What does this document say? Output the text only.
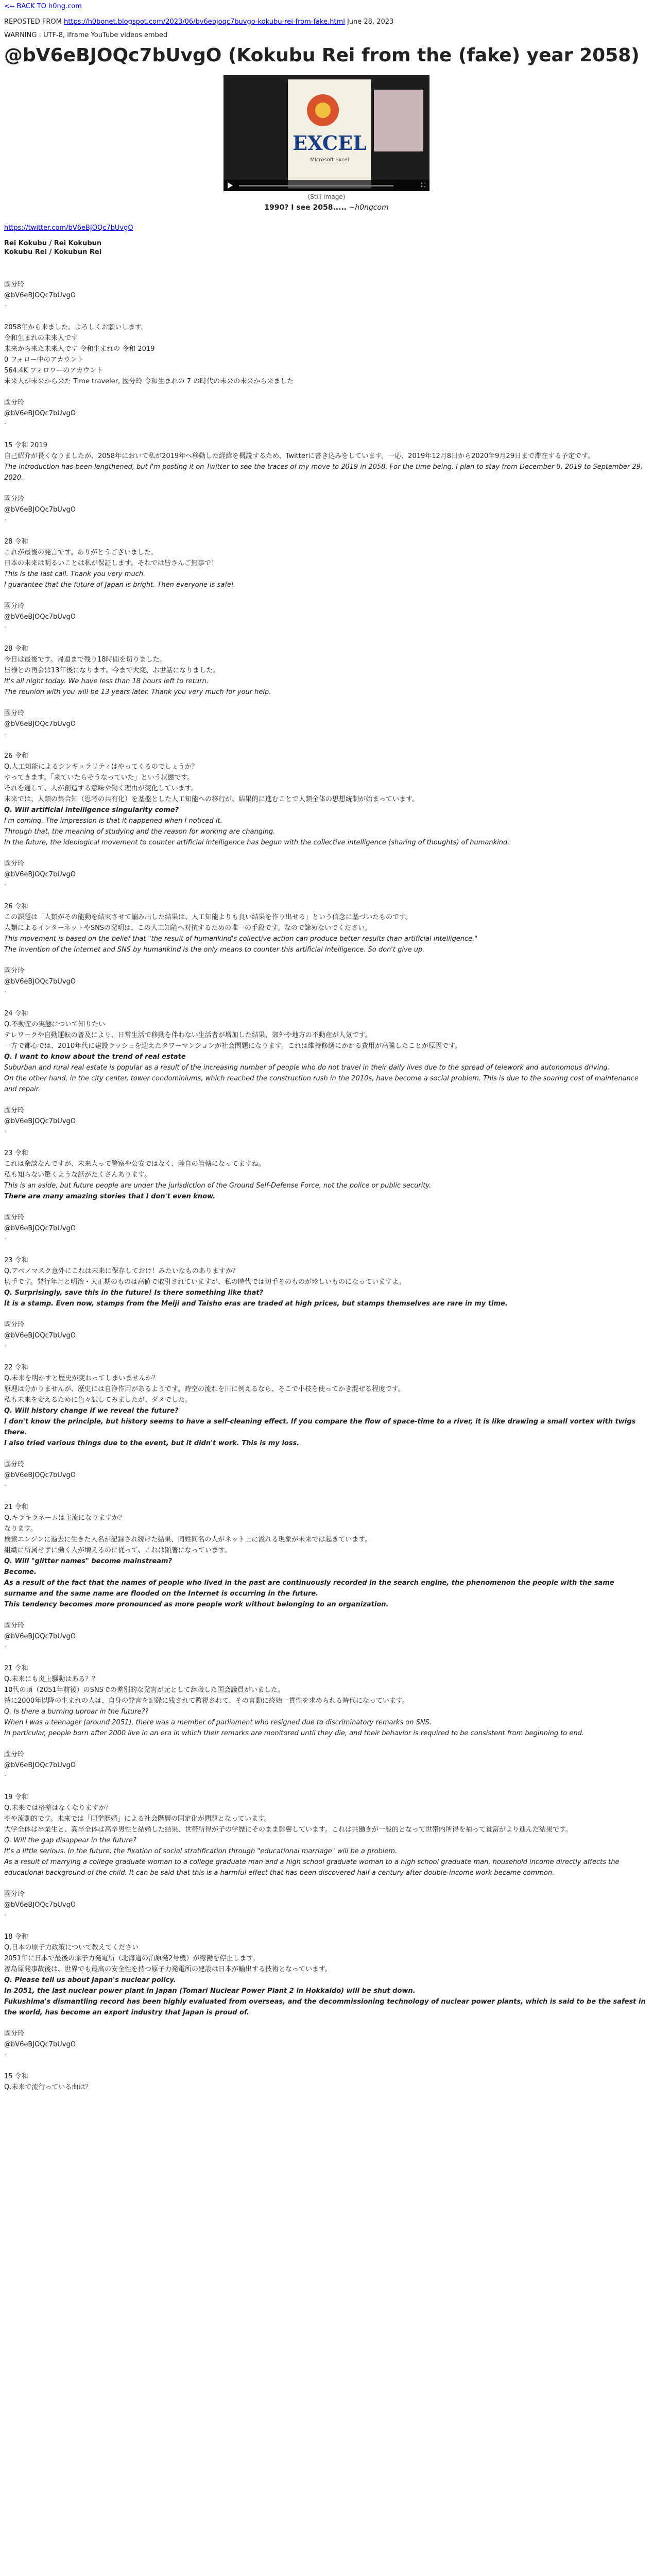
<-- BACK TO h0ng.com

REPOSTED FROM https://h0bonet.blogspot.com/2023/06/bv6ebjoqc7buvgo-kokubu-rei-from-fake.html June 28, 2023

WARNING : UTF-8, iframe YouTube videos embed

@bV6eBJOQc7bUvgO (Kokubu Rei from the (fake) year 2058)
EXCEL
Microsoft Excel
⛶
(Still image)
1990? I see 2058..... ~h0ngcom
https://twitter.com/bV6eBJOQc7bUvgO

Rei Kokubu / Rei Kokubun

Kokubu Rei / Kokubun Rei

國分玲

@bV6eBJOQc7bUvgO

·

2058年から来ました。よろしくお願いします。

令和生まれの未来人です

未来から来た未来人です 令和生まれの 令和 2019

0 フォロー中のアカウント

564.4K フォロワーのアカウント

未来人が未来から来た Time traveler, 國分玲 令和生まれの 7 の時代の未来の未来から来ました

國分玲

@bV6eBJOQc7bUvgO

·

15 令和 2019

自己紹介が長くなりましたが、2058年において私が2019年へ移動した経緯を概説するため、Twitterに書き込みをしています。一応、2019年12月8日から2020年9月29日まで滞在する予定です。

The introduction has been lengthened, but I'm posting it on Twitter to see the traces of my move to 2019 in 2058. For the time being, I plan to stay from December 8, 2019 to September 29, 2020.

國分玲

@bV6eBJOQc7bUvgO

·

28 令和

これが最後の発言です。ありがとうございました。

日本の未来は明るいことは私が保証します。それでは皆さんご無事で！

This is the last call. Thank you very much.

I guarantee that the future of Japan is bright. Then everyone is safe!

國分玲

@bV6eBJOQc7bUvgO

·

28 令和

今日は最後です。帰還まで残り18時間を切りました。

皆様との再会は13年後になります。今まで大変、お世話になりました。

It's all night today. We have less than 18 hours left to return.

The reunion with you will be 13 years later. Thank you very much for your help.

國分玲

@bV6eBJOQc7bUvgO

·

26 令和

Q.人工知能によるシンギュラリティはやってくるのでしょうか？

やってきます。「来ていたらそうなっていた」という状態です。

それを通して、人が創造する意味や働く理由が変化しています。

未来では、人類の集合知（思考の共有化）を基盤とした人工知能への移行が、結果的に進むことで人類全体の思想統制が始まっています。

Q. Will artificial intelligence singularity come?

I'm coming. The impression is that it happened when I noticed it.

Through that, the meaning of studying and the reason for working are changing.

In the future, the ideological movement to counter artificial intelligence has begun with the collective intelligence (sharing of thoughts) of humankind.

國分玲

@bV6eBJOQc7bUvgO

·

26 令和

この課題は「人類がその能動を結束させて編み出した結果は、人工知能よりも良い結果を作り出せる」という信念に基づいたものです。

人類によるインターネットやSNSの発明は、この人工知能へ対抗するための唯一の手段です。なので諦めないでください。

This movement is based on the belief that "the result of humankind's collective action can produce better results than artificial intelligence."

The invention of the Internet and SNS by humankind is the only means to counter this artificial intelligence. So don't give up.

國分玲

@bV6eBJOQc7bUvgO

·

24 令和

Q.不動産の実態について知りたい

テレワークや自動運転の普及により、日常生活で移動を伴わない生活者が増加した結果、郊外や地方の不動産が人気です。

一方で都心では、2010年代に建設ラッシュを迎えたタワーマンションが社会問題になります。これは維持修繕にかかる費用が高騰したことが原因です。

Q. I want to know about the trend of real estate

Suburban and rural real estate is popular as a result of the increasing number of people who do not travel in their daily lives due to the spread of telework and autonomous driving.

On the other hand, in the city center, tower condominiums, which reached the construction rush in the 2010s, have become a social problem. This is due to the soaring cost of maintenance and repair.

國分玲

@bV6eBJOQc7bUvgO

·

23 令和

これは余談なんですが、未来人って警察や公安ではなく、陸自の管轄になってますね。

私も知らない驚くような話がたくさんあります。

This is an aside, but future people are under the jurisdiction of the Ground Self-Defense Force, not the police or public security.

There are many amazing stories that I don't even know.

國分玲

@bV6eBJOQc7bUvgO

·

23 令和

Q.アベノマスク意外にこれは未来に保存しておけ！みたいなものありますか？

切手です。発行年月と明治・大正期のものは高値で取引されていますが、私の時代では切手そのものが珍しいものになっていますよ。

Q. Surprisingly, save this in the future! Is there something like that?

It is a stamp. Even now, stamps from the Meiji and Taisho eras are traded at high prices, but stamps themselves are rare in my time.

國分玲

@bV6eBJOQc7bUvgO

·

22 令和

Q.未来を明かすと歴史が変わってしまいませんか？

原理は分かりませんが、歴史には自浄作用があるようです。時空の流れを川に例えるなら、そこで小枝を使ってかき混ぜる程度です。

私も未来を変えるために色々試してみましたが、ダメでした。

Q. Will history change if we reveal the future?

I don't know the principle, but history seems to have a self-cleaning effect. If you compare the flow of space-time to a river, it is like drawing a small vortex with twigs there.

I also tried various things due to the event, but it didn't work. This is my loss.

國分玲

@bV6eBJOQc7bUvgO

·

21 令和

Q.キラキラネームは主流になりますか？

なります。

検索エンジンに過去に生きた人名が記録され続けた結果、同姓同名の人がネット上に溢れる現象が未来では起きています。

組織に所属せずに働く人が増えるのに従って、これは顕著になっています。

Q. Will "glitter names" become mainstream?

Become.

As a result of the fact that the names of people who lived in the past are continuously recorded in the search engine, the phenomenon the people with the same surname and the same name are flooded on the Internet is occurring in the future.

This tendency becomes more pronounced as more people work without belonging to an organization.

國分玲

@bV6eBJOQc7bUvgO

·

21 令和

Q.未来にも炎上騒動はある？？

10代の頃（2051年前後）のSNSでの差別的な発言が元として辞職した国会議員がいました。

特に2000年以降の生まれの人は、自身の発言を記録に残されて監視されて、その言動に終始一貫性を求められる時代になっています。

Q. Is there a burning uproar in the future??

When I was a teenager (around 2051), there was a member of parliament who resigned due to discriminatory remarks on SNS.

In particular, people born after 2000 live in an era in which their remarks are monitored until they die, and their behavior is required to be consistent from beginning to end.

國分玲

@bV6eBJOQc7bUvgO

·

19 令和

Q.未来では格差はなくなりますか？

やや流動的です。未来では「同学歴婚」による社会階層の固定化が問題となっています。

大学全体は卒業生と、高卒全体は高卒男性と結婚した結果、世帯所得が子の学歴にそのまま影響しています。これは共働きが一般的となって世帯内所得を補って貧富がより進んだ結果です。

Q. Will the gap disappear in the future?

It's a little serious. In the future, the fixation of social stratification through "educational marriage" will be a problem.

As a result of marrying a college graduate woman to a college graduate man and a high school graduate woman to a high school graduate man, household income directly affects the educational background of the child. It can be said that this is a harmful effect that has been discovered half a century after double-income work became common.

國分玲

@bV6eBJOQc7bUvgO

·

18 令和

Q.日本の原子力政策について教えてください

2051年に日本で最後の原子力発電所（北海道の泊原発2号機）が稼働を停止します。

福島原発事故後は、世界でも最高の安全性を持つ原子力発電所の建設は日本が輸出する技術となっています。

Q. Please tell us about Japan's nuclear policy.

In 2051, the last nuclear power plant in Japan (Tomari Nuclear Power Plant 2 in Hokkaido) will be shut down.

Fukushima's dismantling record has been highly evaluated from overseas, and the decommissioning technology of nuclear power plants, which is said to be the safest in the world, has become an export industry that Japan is proud of.

國分玲

@bV6eBJOQc7bUvgO

·

15 令和

Q.未来で流行っている曲は？
